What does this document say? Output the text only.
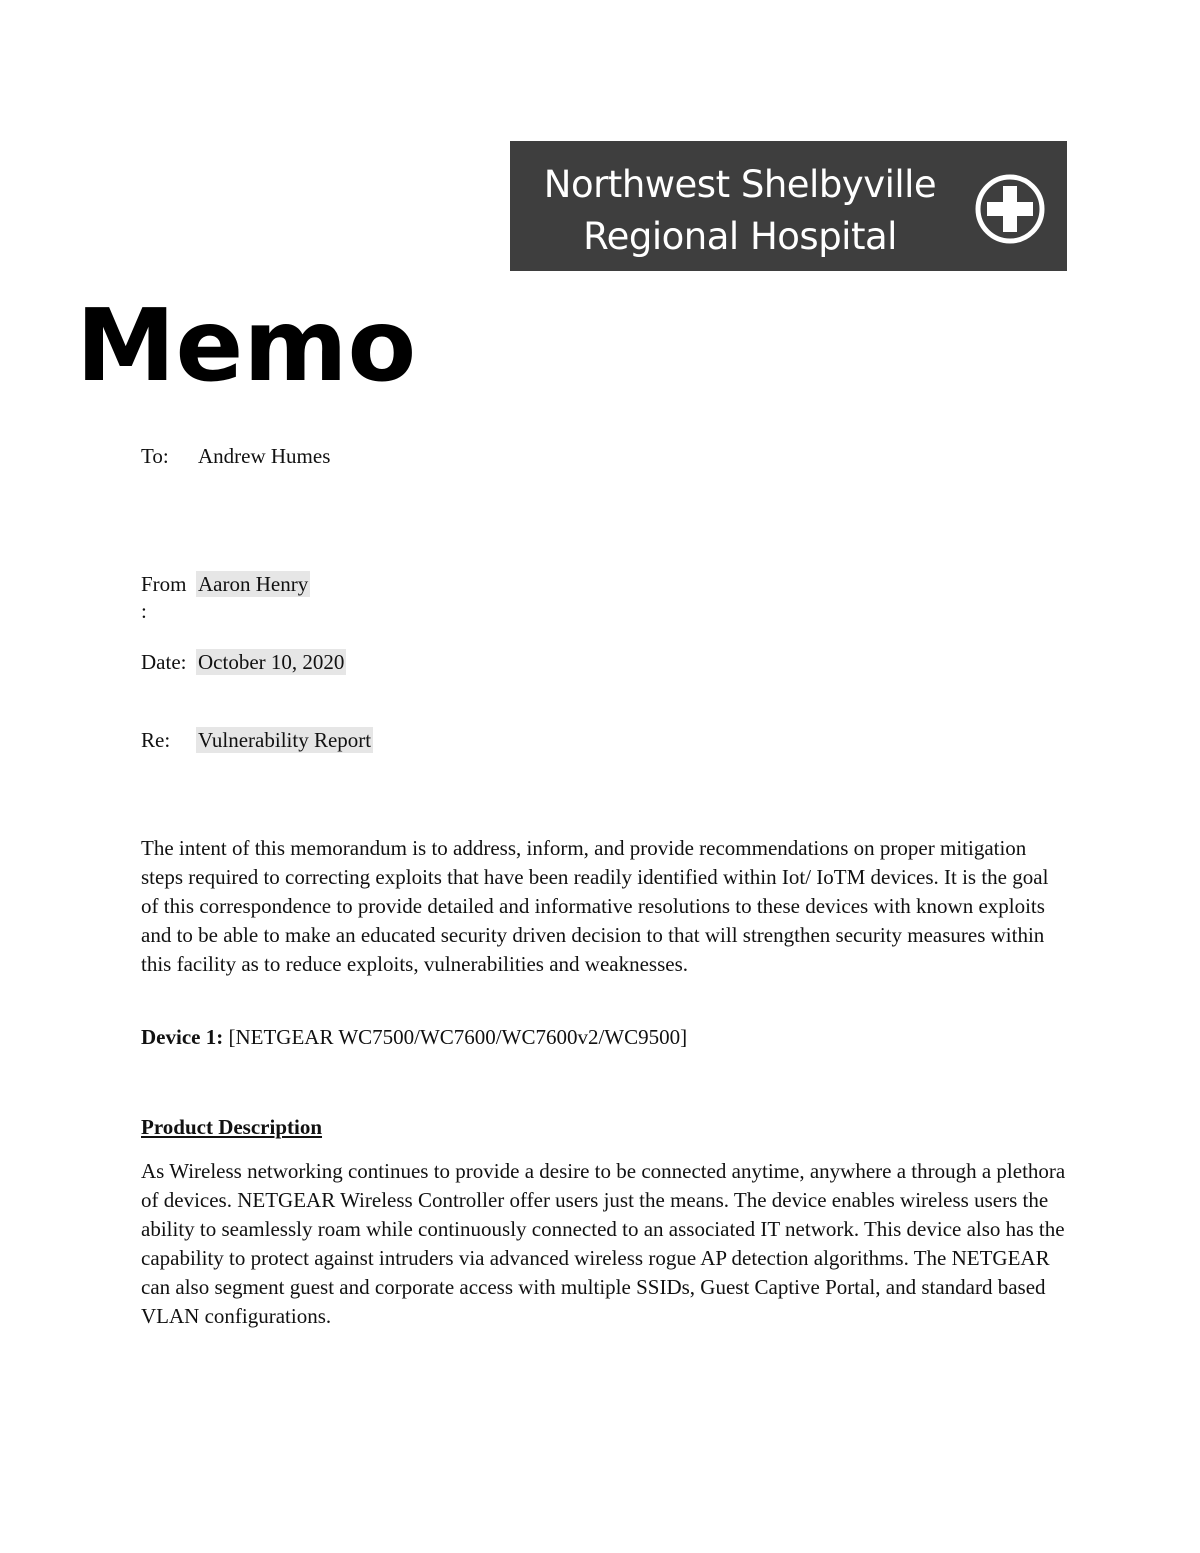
Northwest Shelbyville
Regional Hospital
Memo
To: Andrew Humes
From Aaron Henry
:
Date: October 10, 2020
Re: Vulnerability Report

The intent of this memorandum is to address, inform, and provide recommendations on proper mitigation steps required to correcting exploits that have been readily identified within Iot/ IoTM devices. It is the goal of this correspondence to provide detailed and informative resolutions to these devices with known exploits and to be able to make an educated security driven decision to that will strengthen security measures within this facility as to reduce exploits, vulnerabilities and weaknesses.

Device 1: [NETGEAR WC7500/WC7600/WC7600v2/WC9500]
Product Description

As Wireless networking continues to provide a desire to be connected anytime, anywhere a through a plethora of devices. NETGEAR Wireless Controller offer users just the means. The device enables wireless users the ability to seamlessly roam while continuously connected to an associated IT network. This device also has the capability to protect against intruders via advanced wireless rogue AP detection algorithms. The NETGEAR can also segment guest and corporate access with multiple SSIDs, Guest Captive Portal, and standard based VLAN configurations.
